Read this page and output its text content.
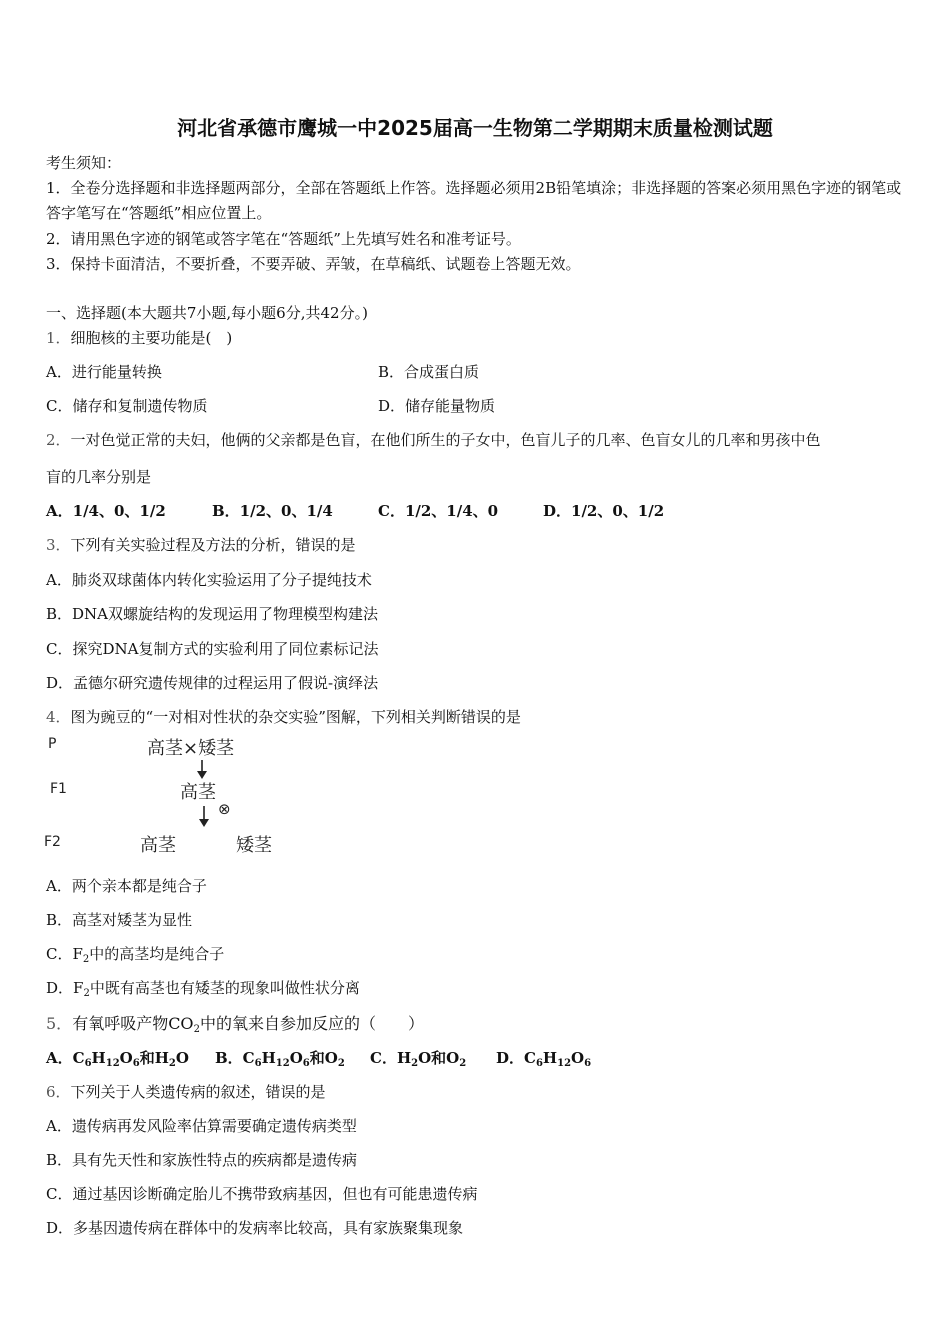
河北省承德市鹰城一中2025届高一生物第二学期期末质量检测试题
考生须知：
1．全卷分选择题和非选择题两部分，全部在答题纸上作答。选择题必须用2B铅笔填涂；非选择题的答案必须用黑色字迹的钢笔或答字笔写在“答题纸”相应位置上。
2．请用黑色字迹的钢笔或答字笔在“答题纸”上先填写姓名和准考证号。
3．保持卡面清洁，不要折叠，不要弄破、弄皱，在草稿纸、试题卷上答题无效。
一、选择题(本大题共7小题,每小题6分,共42分。)
1．细胞核的主要功能是(　)
A．进行能量转换	B．合成蛋白质
C．储存和复制遗传物质	D．储存能量物质
2．一对色觉正常的夫妇，他俩的父亲都是色盲，在他们所生的子女中，色盲儿子的几率、色盲女儿的几率和男孩中色
盲的几率分别是
A．1/4、0、1/2	B．1/2、0、1/4	C．1/2、1/4、0	D．1/2、0、1/2
3．下列有关实验过程及方法的分析，错误的是
A．肺炎双球菌体内转化实验运用了分子提纯技术
B．DNA双螺旋结构的发现运用了物理模型构建法
C．探究DNA复制方式的实验利用了同位素标记法
D．孟德尔研究遗传规律的过程运用了假说-演绎法
4．图为豌豆的“一对相对性状的杂交实验”图解，下列相关判断错误的是
P
F1
F2
高茎×矮茎
高茎
⊗
高茎	矮茎
A．两个亲本都是纯合子
B．高茎对矮茎为显性
C．$F_2$中的高茎均是纯合子
D．$F_2$中既有高茎也有矮茎的现象叫做性状分离
5．有氧呼吸产物$CO_2$中的氧来自参加反应的（　　）
A．$C_6H_{12}O_6$和$H_2O$ B．$C_6H_{12}O_6$和$O_2$ C．$H_2O$和$O_2$ D．$C_6H_{12}O_6$
6．下列关于人类遗传病的叙述，错误的是
A．遗传病再发风险率估算需要确定遗传病类型
B．具有先天性和家族性特点的疾病都是遗传病
C．通过基因诊断确定胎儿不携带致病基因，但也有可能患遗传病
D．多基因遗传病在群体中的发病率比较高，具有家族聚集现象
